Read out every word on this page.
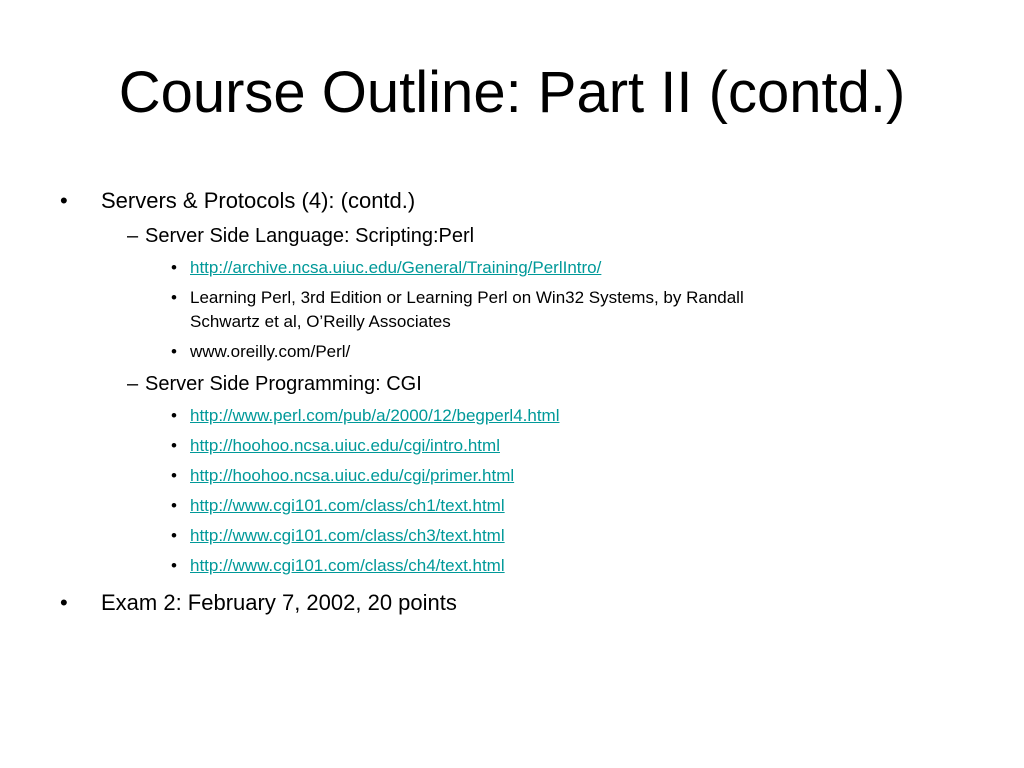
Course Outline: Part II (contd.)
• Servers & Protocols (4): (contd.)
– Server Side Language: Scripting:Perl
• http://archive.ncsa.uiuc.edu/General/Training/PerlIntro/
• Learning Perl, 3rd Edition or Learning Perl on Win32 Systems, by Randall
Schwartz et al, O’Reilly Associates
• www.oreilly.com/Perl/
– Server Side Programming: CGI
• http://www.perl.com/pub/a/2000/12/begperl4.html
• http://hoohoo.ncsa.uiuc.edu/cgi/intro.html
• http://hoohoo.ncsa.uiuc.edu/cgi/primer.html
• http://www.cgi101.com/class/ch1/text.html
• http://www.cgi101.com/class/ch3/text.html
• http://www.cgi101.com/class/ch4/text.html
• Exam 2: February 7, 2002, 20 points
